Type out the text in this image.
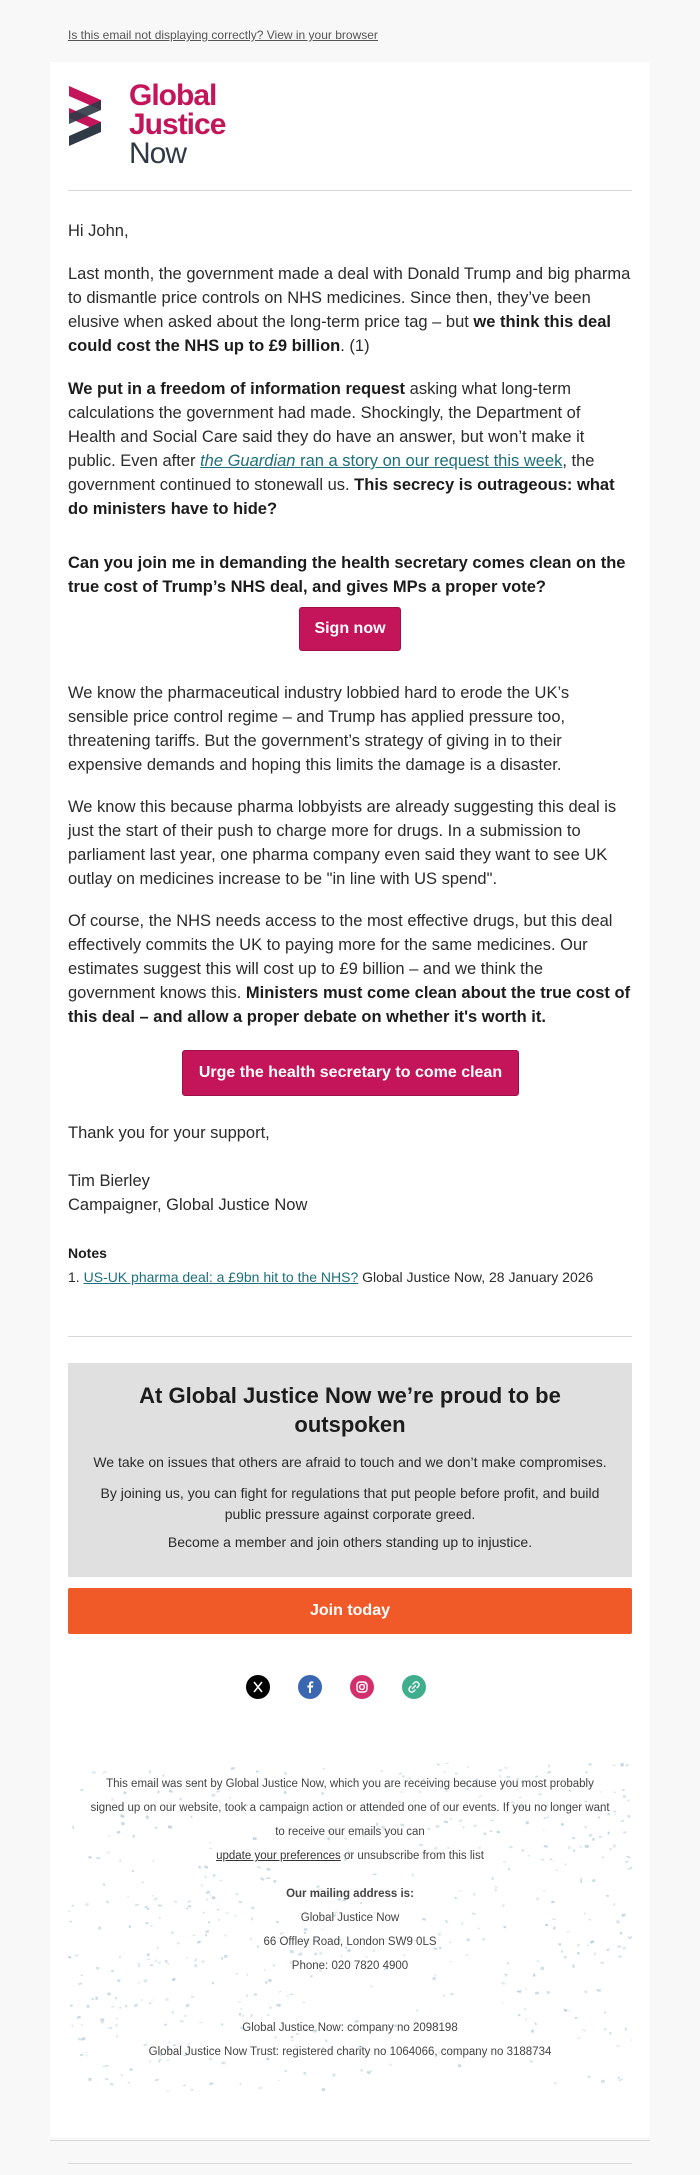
Is this email not displaying correctly? View in your browser
Global
Justice
Now
Hi John,
Last month, the government made a deal with Donald Trump and big pharma to dismantle price controls on NHS medicines. Since then, they’ve been elusive when asked about the long-term price tag – but we think this deal could cost the NHS up to £9 billion. (1)
We put in a freedom of information request asking what long-term calculations the government had made. Shockingly, the Department of Health and Social Care said they do have an answer, but won’t make it public. Even after the Guardian ran a story on our request this week, the government continued to stonewall us. This secrecy is outrageous: what do ministers have to hide?
Can you join me in demanding the health secretary comes clean on the true cost of Trump’s NHS deal, and gives MPs a proper vote?
Sign now
We know the pharmaceutical industry lobbied hard to erode the UK’s sensible price control regime – and Trump has applied pressure too, threatening tariffs. But the government’s strategy of giving in to their expensive demands and hoping this limits the damage is a disaster.
We know this because pharma lobbyists are already suggesting this deal is just the start of their push to charge more for drugs. In a submission to parliament last year, one pharma company even said they want to see UK outlay on medicines increase to be "in line with US spend".
Of course, the NHS needs access to the most effective drugs, but this deal effectively commits the UK to paying more for the same medicines. Our estimates suggest this will cost up to £9 billion – and we think the government knows this. Ministers must come clean about the true cost of this deal – and allow a proper debate on whether it's worth it.
Urge the health secretary to come clean
Thank you for your support,
Tim Bierley
Campaigner, Global Justice Now
Notes
1. US-UK pharma deal: a £9bn hit to the NHS? Global Justice Now, 28 January 2026
At Global Justice Now we’re proud to be outspoken
We take on issues that others are afraid to touch and we don’t make compromises.
By joining us, you can fight for regulations that put people before profit, and build public pressure against corporate greed.
Become a member and join others standing up to injustice.
Join today
This email was sent by Global Justice Now, which you are receiving because you most probably
signed up on our website, took a campaign action or attended one of our events. If you no longer want
to receive our emails you can
update your preferences or unsubscribe from this list
Our mailing address is:
Global Justice Now
66 Offley Road, London SW9 0LS
Phone: 020 7820 4900
Global Justice Now: company no 2098198
Global Justice Now Trust: registered charity no 1064066, company no 3188734
